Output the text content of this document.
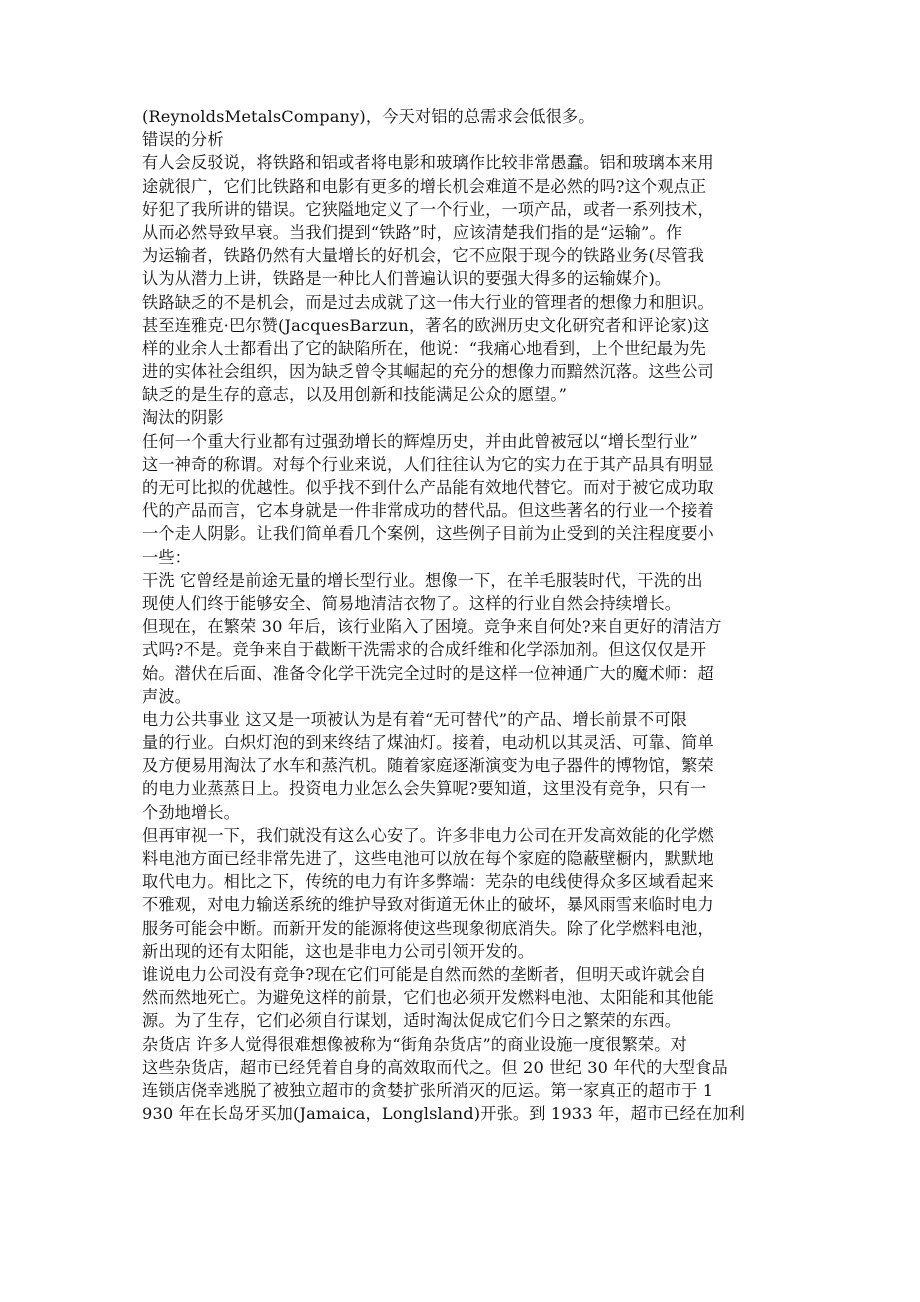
(ReynoldsMetalsCompany)，今天对铝的总需求会低很多。
错误的分析
有人会反驳说，将铁路和铝或者将电影和玻璃作比较非常愚蠢。铝和玻璃本来用
途就很广，它们比铁路和电影有更多的增长机会难道不是必然的吗?这个观点正
好犯了我所讲的错误。它狭隘地定义了一个行业，一项产品，或者一系列技术，
从而必然导致早衰。当我们提到“铁路”时，应该清楚我们指的是“运输”。作
为运输者，铁路仍然有大量增长的好机会，它不应限于现今的铁路业务(尽管我
认为从潜力上讲，铁路是一种比人们普遍认识的要强大得多的运输媒介)。
铁路缺乏的不是机会，而是过去成就了这一伟大行业的管理者的想像力和胆识。
甚至连雅克·巴尔赞(JacquesBarzun，著名的欧洲历史文化研究者和评论家)这
样的业余人士都看出了它的缺陷所在，他说：“我痛心地看到，上个世纪最为先
进的实体社会组织，因为缺乏曾令其崛起的充分的想像力而黯然沉落。这些公司
缺乏的是生存的意志，以及用创新和技能满足公众的愿望。”
淘汰的阴影
任何一个重大行业都有过强劲增长的辉煌历史，并由此曾被冠以“增长型行业”
这一神奇的称谓。对每个行业来说，人们往往认为它的实力在于其产品具有明显
的无可比拟的优越性。似乎找不到什么产品能有效地代替它。而对于被它成功取
代的产品而言，它本身就是一件非常成功的替代品。但这些著名的行业一个接着
一个走人阴影。让我们简单看几个案例，这些例子目前为止受到的关注程度要小
一些：
干洗 它曾经是前途无量的增长型行业。想像一下，在羊毛服装时代，干洗的出
现使人们终于能够安全、简易地清洁衣物了。这样的行业自然会持续增长。
但现在，在繁荣 30 年后，该行业陷入了困境。竞争来自何处?来自更好的清洁方
式吗?不是。竞争来自于截断干洗需求的合成纤维和化学添加剂。但这仅仅是开
始。潜伏在后面、准备令化学干洗完全过时的是这样一位神通广大的魔术师：超
声波。
电力公共事业 这又是一项被认为是有着“无可替代”的产品、增长前景不可限
量的行业。白炽灯泡的到来终结了煤油灯。接着，电动机以其灵活、可靠、简单
及方便易用淘汰了水车和蒸汽机。随着家庭逐渐演变为电子器件的博物馆，繁荣
的电力业蒸蒸日上。投资电力业怎么会失算呢?要知道，这里没有竞争，只有一
个劲地增长。
但再审视一下，我们就没有这么心安了。许多非电力公司在开发高效能的化学燃
料电池方面已经非常先进了，这些电池可以放在每个家庭的隐蔽壁橱内，默默地
取代电力。相比之下，传统的电力有许多弊端：芜杂的电线使得众多区域看起来
不雅观，对电力输送系统的维护导致对街道无休止的破坏，暴风雨雪来临时电力
服务可能会中断。而新开发的能源将使这些现象彻底消失。除了化学燃料电池，
新出现的还有太阳能，这也是非电力公司引领开发的。
谁说电力公司没有竞争?现在它们可能是自然而然的垄断者，但明天或许就会自
然而然地死亡。为避免这样的前景，它们也必须开发燃料电池、太阳能和其他能
源。为了生存，它们必须自行谋划，适时淘汰促成它们今日之繁荣的东西。
杂货店 许多人觉得很难想像被称为“街角杂货店”的商业设施一度很繁荣。对
这些杂货店，超市已经凭着自身的高效取而代之。但 20 世纪 30 年代的大型食品
连锁店侥幸逃脱了被独立超市的贪婪扩张所消灭的厄运。第一家真正的超市于 1
930 年在长岛牙买加(Jamaica，Longlsland)开张。到 1933 年，超市已经在加利
